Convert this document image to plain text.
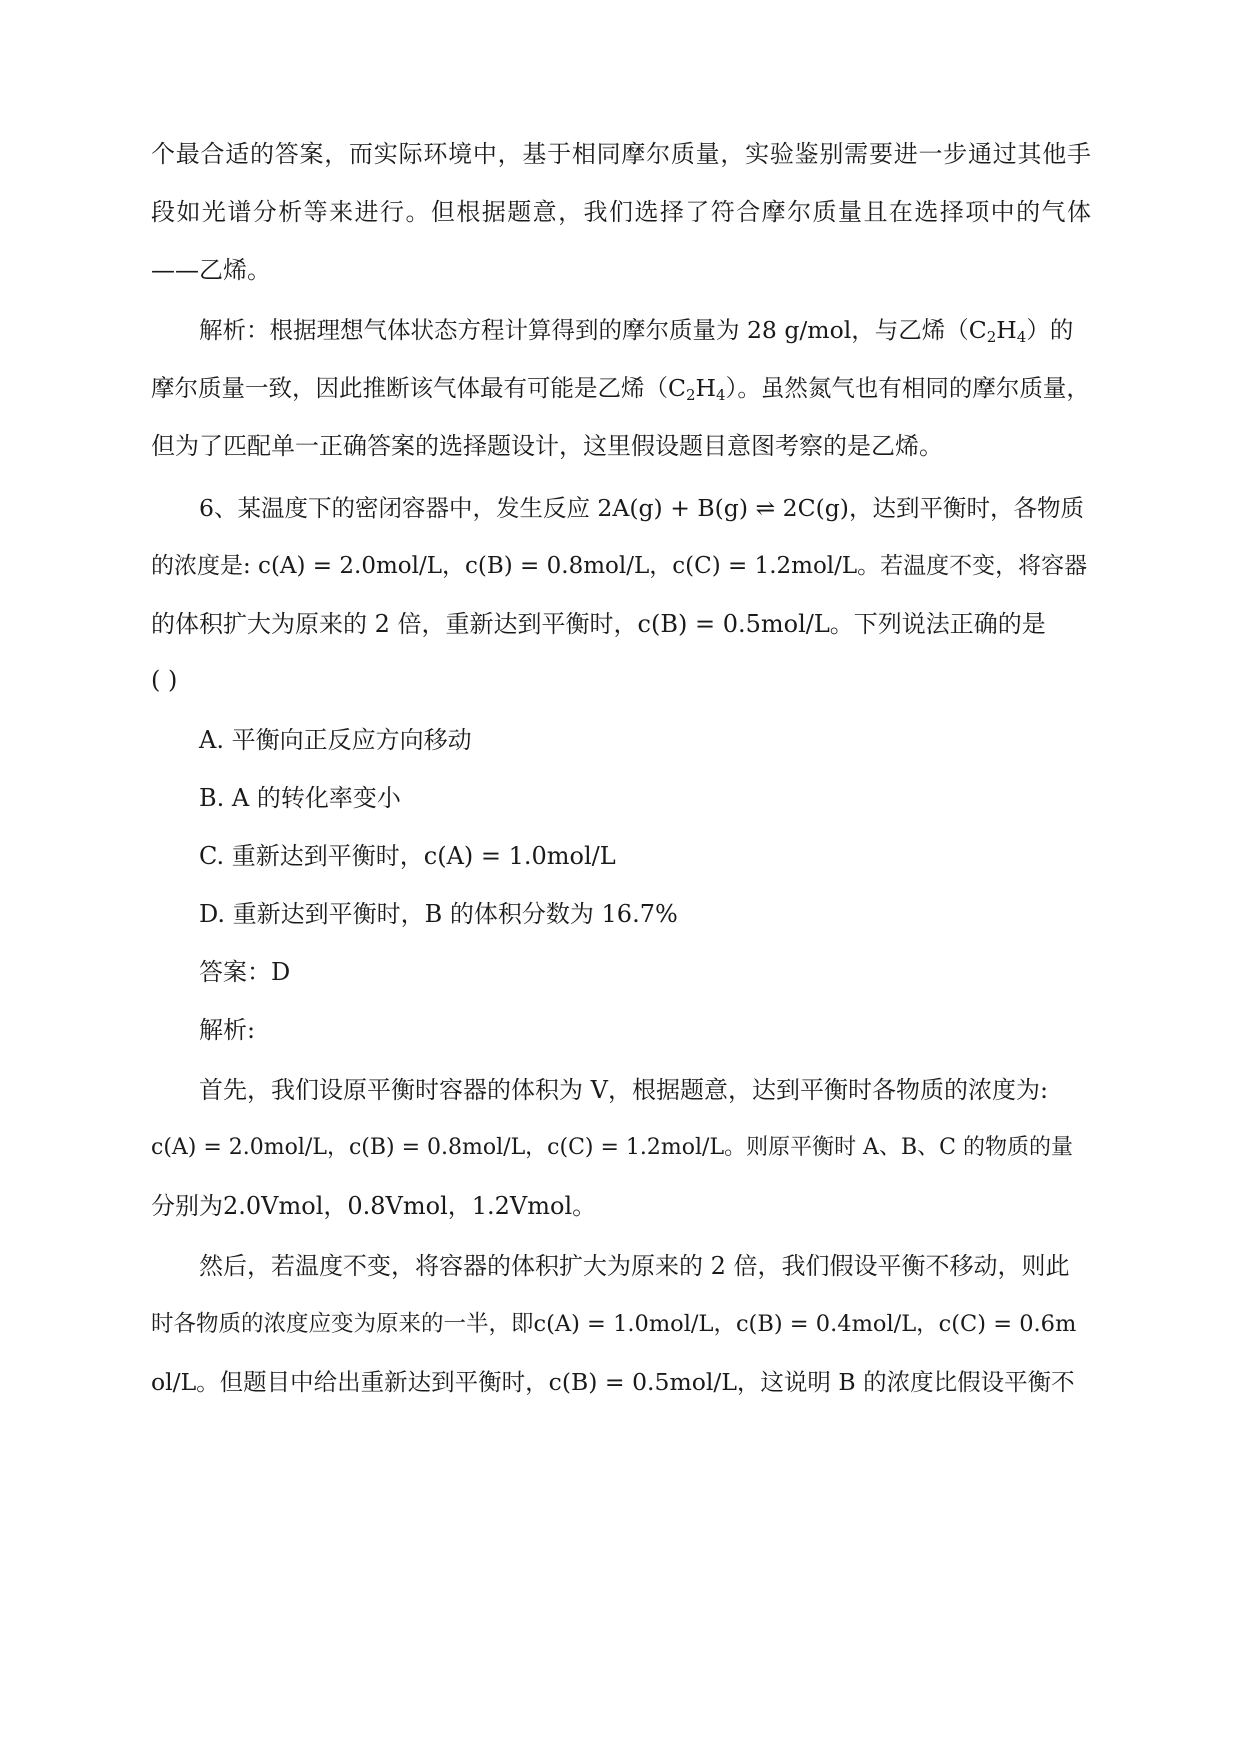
个最合适的答案，而实际环境中，基于相同摩尔质量，实验鉴别需要进一步通过其他手
段如光谱分析等来进行。但根据题意，我们选择了符合摩尔质量且在选择项中的气体
——乙烯。
解析：根据理想气体状态方程计算得到的摩尔质量为 28 g/mol，与乙烯$(C_2H_4)$的
摩尔质量一致，因此推断该气体最有可能是乙烯$(C_2H_4)$。虽然氮气也有相同的摩尔质量，
但为了匹配单一正确答案的选择题设计，这里假设题目意图考察的是乙烯。
6、某温度下的密闭容器中，发生反应 2A(g) + B(g) ⇌ 2C(g)，达到平衡时，各物质
的浓度是: c(A) = 2.0mol/L，c(B) = 0.8mol/L，c(C) = 1.2mol/L。若温度不变，将容器
的体积扩大为原来的 2 倍，重新达到平衡时，c(B) = 0.5mol/L。下列说法正确的是
( )
A. 平衡向正反应方向移动
B. A 的转化率变小
C. 重新达到平衡时，c(A) = 1.0mol/L
D. 重新达到平衡时，B 的体积分数为 16.7%
答案：D
解析:
首先，我们设原平衡时容器的体积为 V，根据题意，达到平衡时各物质的浓度为:
c(A) = 2.0mol/L，c(B) = 0.8mol/L，c(C) = 1.2mol/L。则原平衡时 A、B、C 的物质的量
分别为2.0Vmol，0.8Vmol，1.2Vmol。
然后，若温度不变，将容器的体积扩大为原来的 2 倍，我们假设平衡不移动，则此
时各物质的浓度应变为原来的一半，即c(A) = 1.0mol/L，c(B) = 0.4mol/L，c(C) = 0.6m
ol/L。但题目中给出重新达到平衡时，c(B) = 0.5mol/L，这说明 B 的浓度比假设平衡不
